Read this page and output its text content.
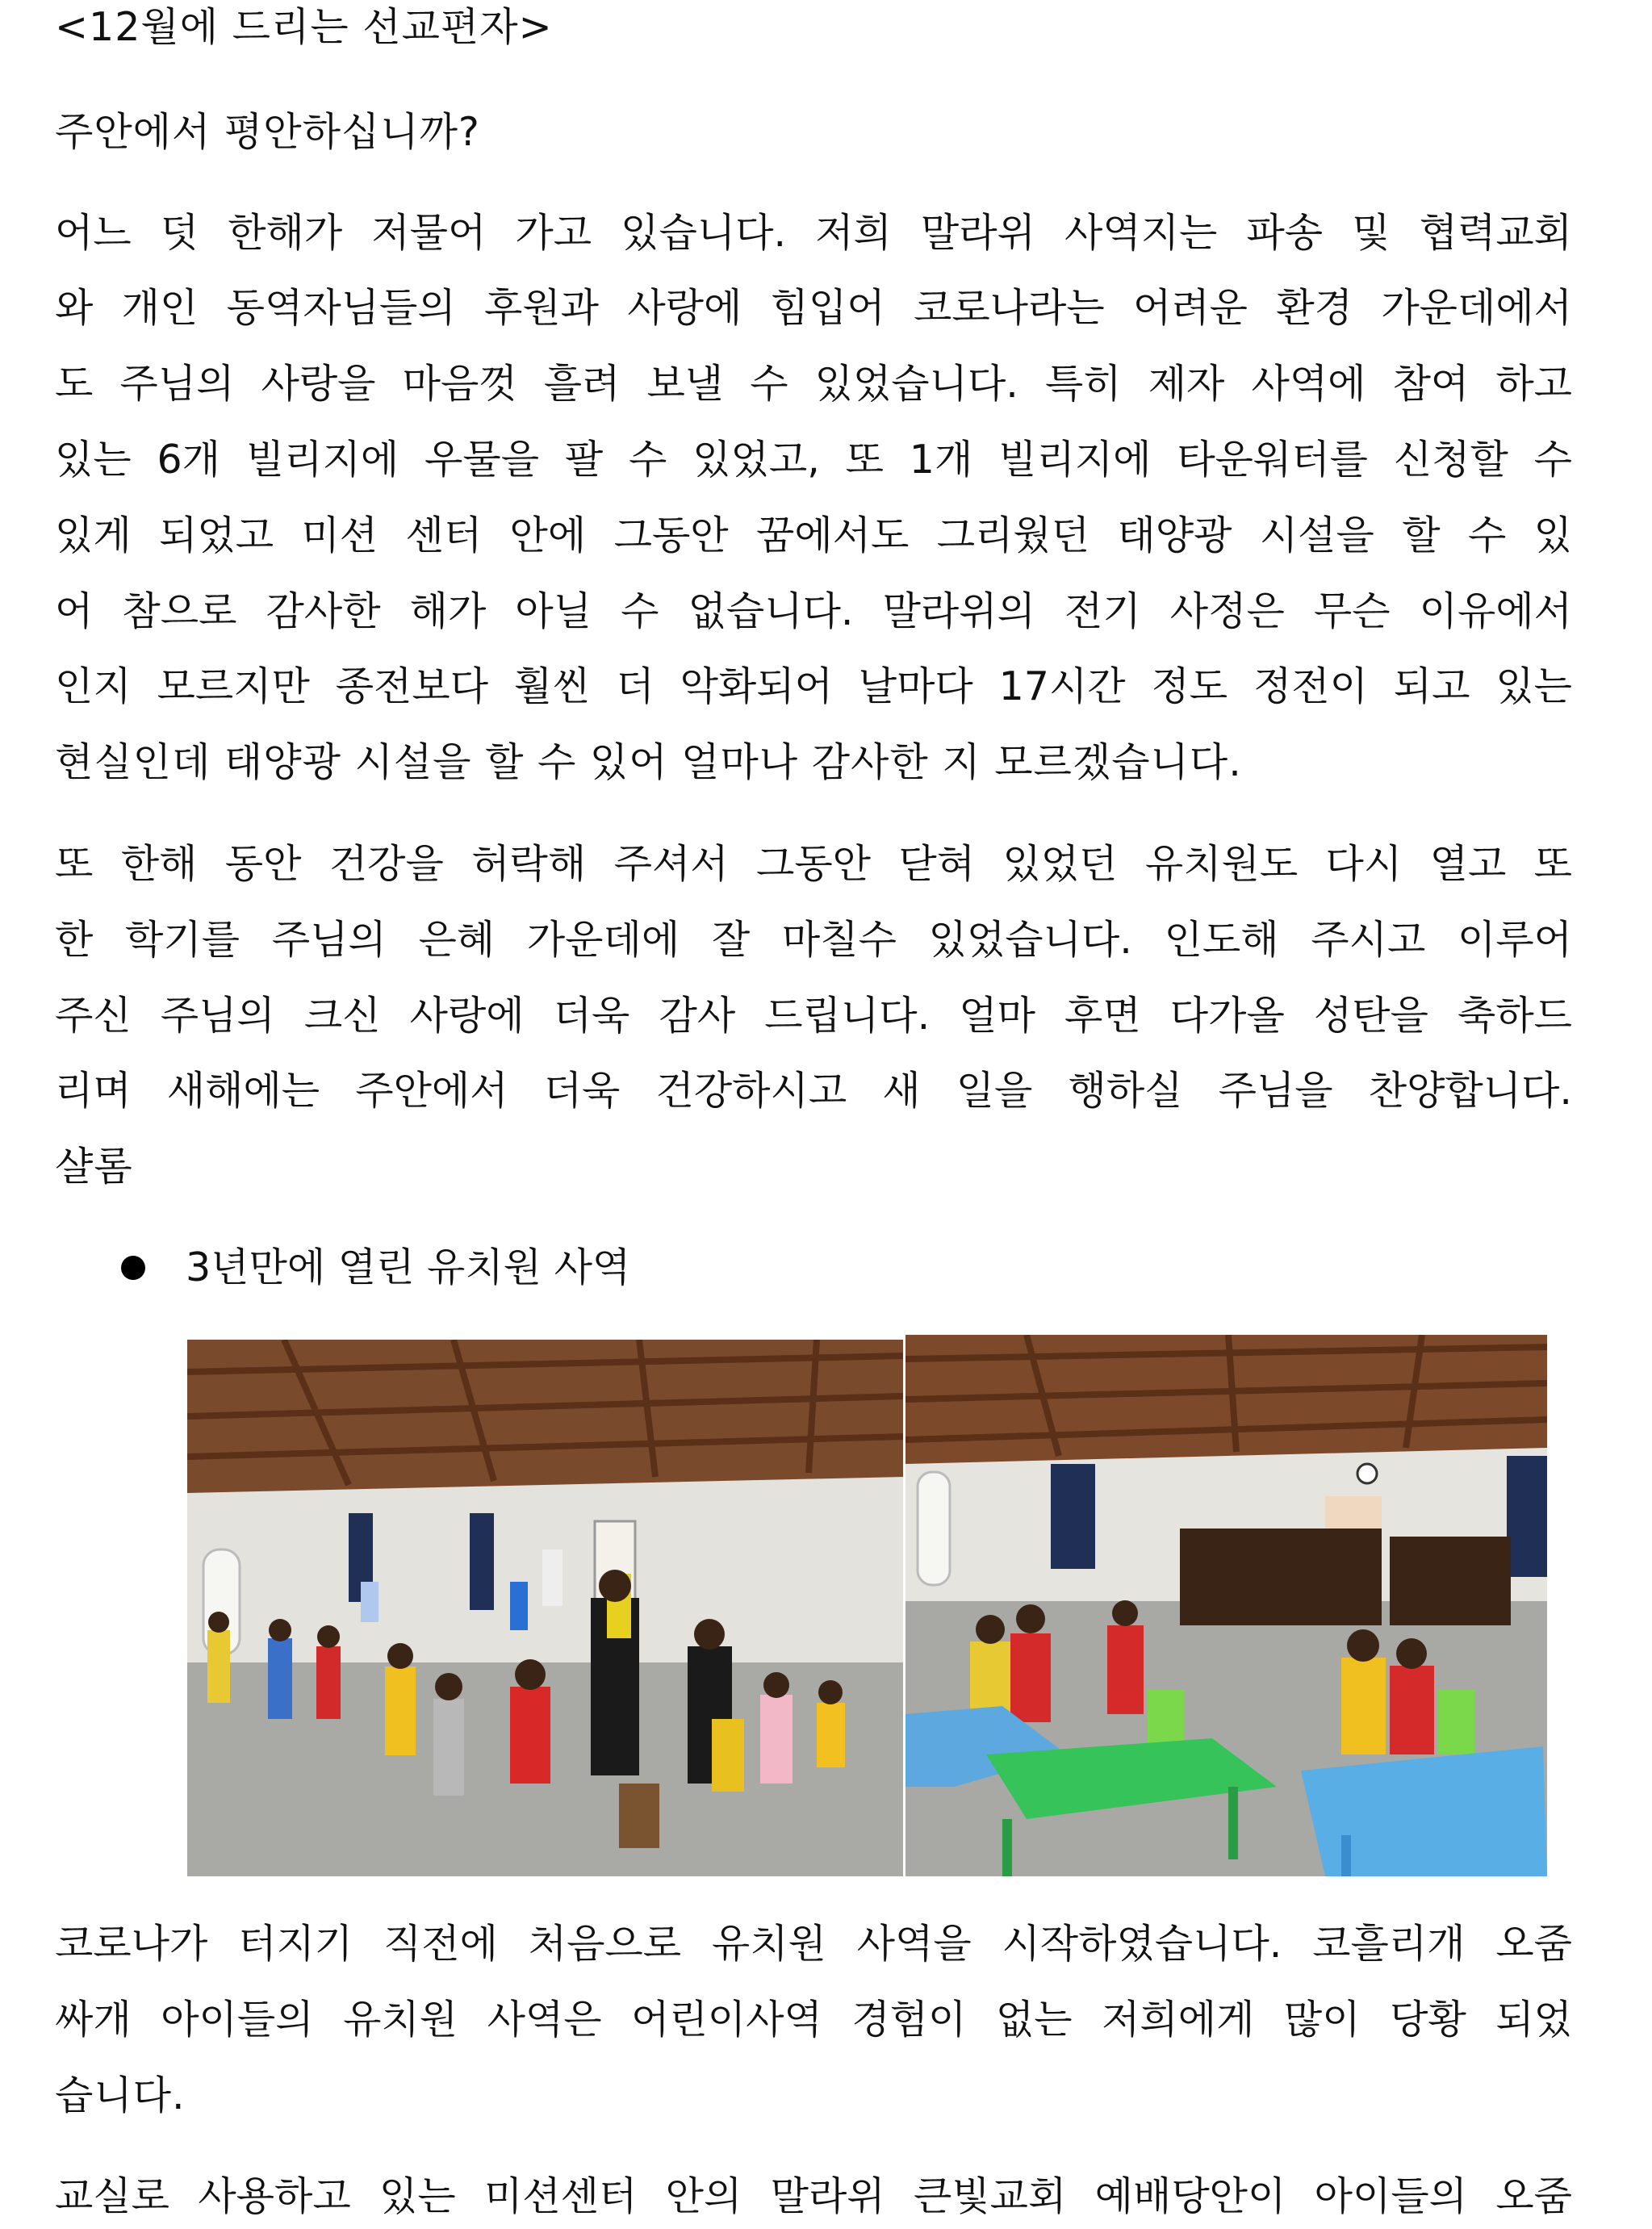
<12월에 드리는 선교편자>
주안에서 평안하십니까?
어느 덧 한해가 저물어 가고 있습니다. 저희 말라위 사역지는 파송 및 협력교회
와 개인 동역자님들의 후원과 사랑에 힘입어 코로나라는 어려운 환경 가운데에서
도 주님의 사랑을 마음껏 흘려 보낼 수 있었습니다. 특히 제자 사역에 참여 하고
있는 6개 빌리지에 우물을 팔 수 있었고, 또 1개 빌리지에 타운워터를 신청할 수
있게 되었고 미션 센터 안에 그동안 꿈에서도 그리웠던 태양광 시설을 할 수 있
어 참으로 감사한 해가 아닐 수 없습니다. 말라위의 전기 사정은 무슨 이유에서
인지 모르지만 종전보다 훨씬 더 악화되어 날마다 17시간 정도 정전이 되고 있는
현실인데 태양광 시설을 할 수 있어 얼마나 감사한 지 모르겠습니다.
또 한해 동안 건강을 허락해 주셔서 그동안 닫혀 있었던 유치원도 다시 열고 또
한 학기를 주님의 은혜 가운데에 잘 마칠수 있었습니다. 인도해 주시고 이루어
주신 주님의 크신 사랑에 더욱 감사 드립니다. 얼마 후면 다가올 성탄을 축하드
리며 새해에는 주안에서 더욱 건강하시고 새 일을 행하실 주님을 찬양합니다.
샬롬
3년만에 열린 유치원 사역
코로나가 터지기 직전에 처음으로 유치원 사역을 시작하였습니다. 코흘리개 오줌
싸개 아이들의 유치원 사역은 어린이사역 경험이 없는 저희에게 많이 당황 되었
습니다.
교실로 사용하고 있는 미션센터 안의 말라위 큰빛교회 예배당안이 아이들의 오줌
